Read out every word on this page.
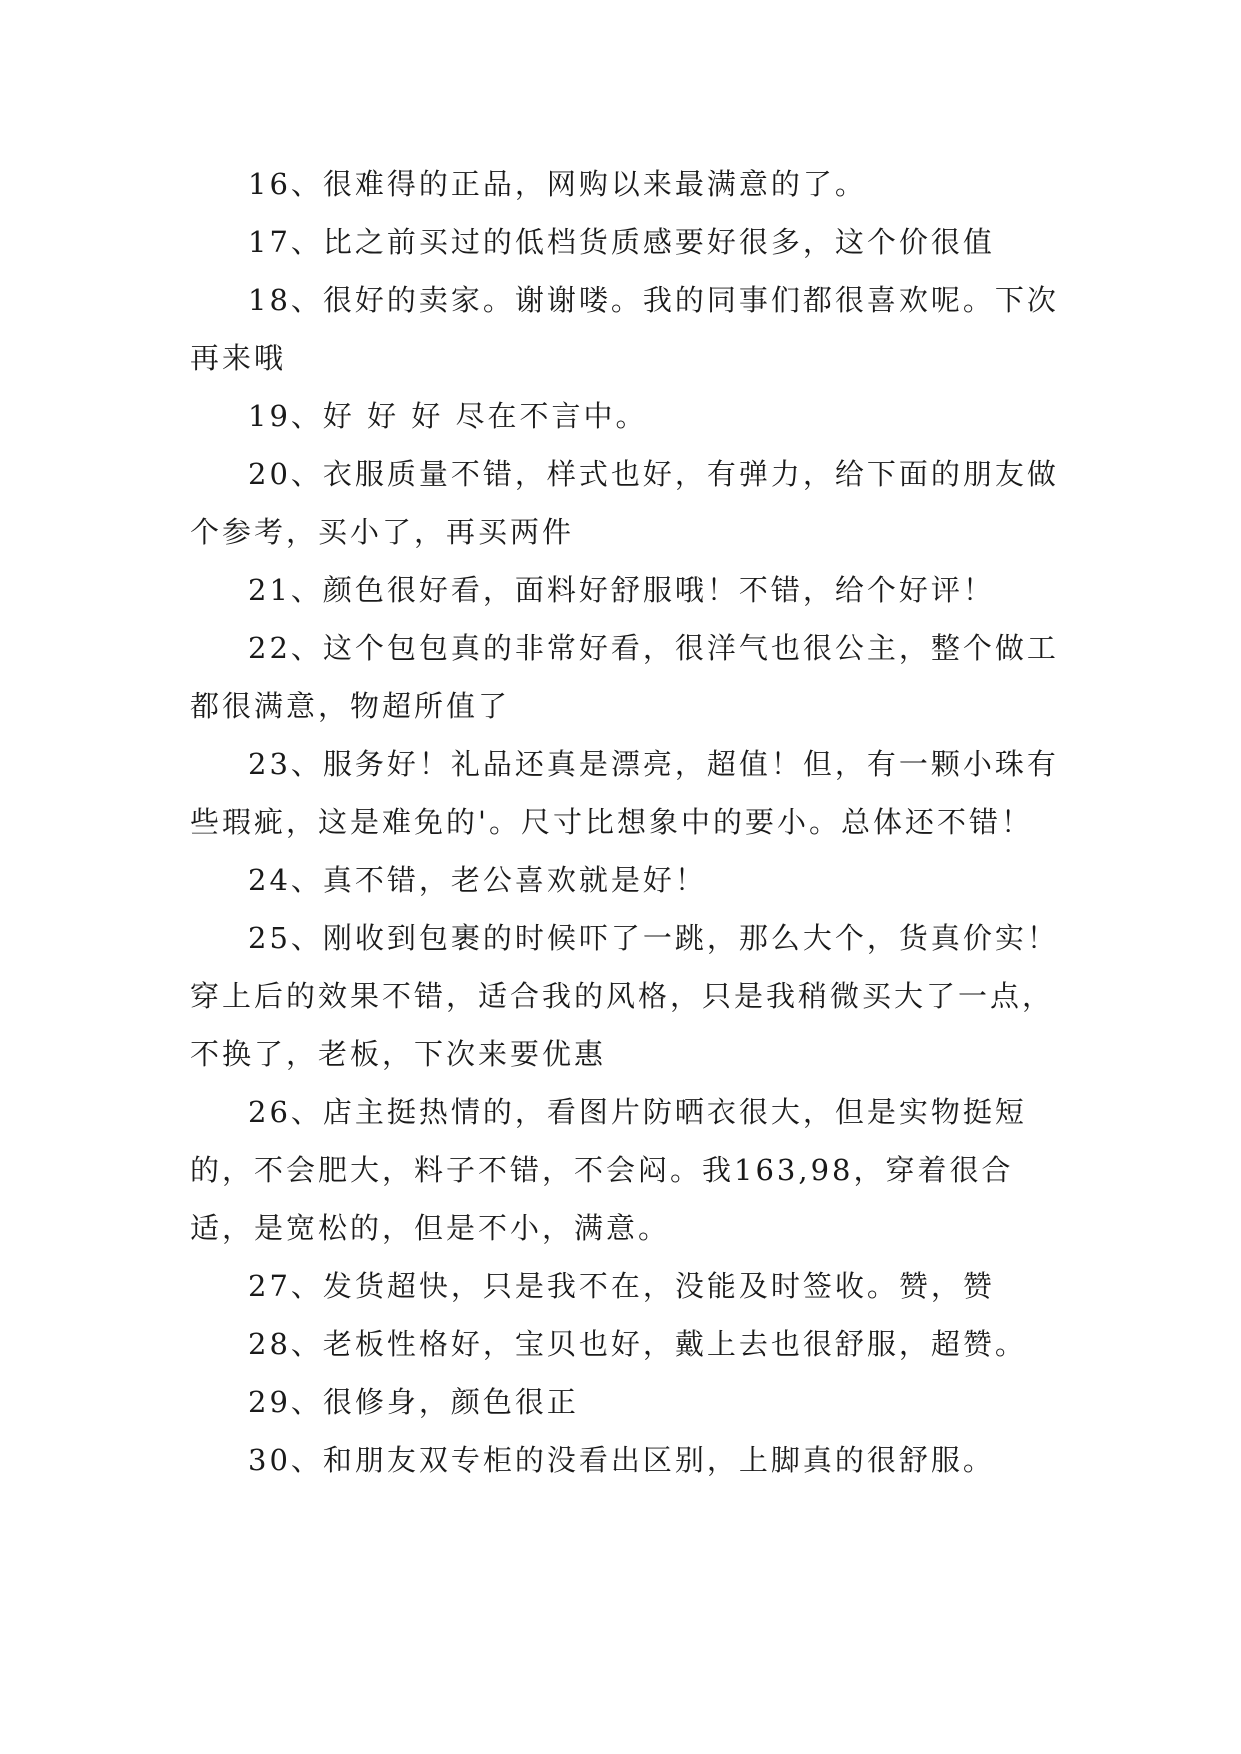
16、很难得的正品，网购以来最满意的了。

17、比之前买过的低档货质感要好很多，这个价很值

18、很好的卖家。谢谢喽。我的同事们都很喜欢呢。下次再来哦

19、好 好 好 尽在不言中。

20、衣服质量不错，样式也好，有弹力，给下面的朋友做个参考，买小了，再买两件

21、颜色很好看，面料好舒服哦！不错，给个好评！

22、这个包包真的非常好看，很洋气也很公主，整个做工都很满意，物超所值了

23、服务好！礼品还真是漂亮，超值！但，有一颗小珠有些瑕疵，这是难免的'。尺寸比想象中的要小。总体还不错！

24、真不错，老公喜欢就是好！

25、刚收到包裹的时候吓了一跳，那么大个，货真价实！穿上后的效果不错，适合我的风格，只是我稍微买大了一点，不换了，老板，下次来要优惠

26、店主挺热情的，看图片防晒衣很大，但是实物挺短的，不会肥大，料子不错，不会闷。我163,98，穿着很合适，是宽松的，但是不小，满意。

27、发货超快，只是我不在，没能及时签收。赞，赞

28、老板性格好，宝贝也好，戴上去也很舒服，超赞。

29、很修身，颜色很正

30、和朋友双专柜的没看出区别，上脚真的很舒服。
